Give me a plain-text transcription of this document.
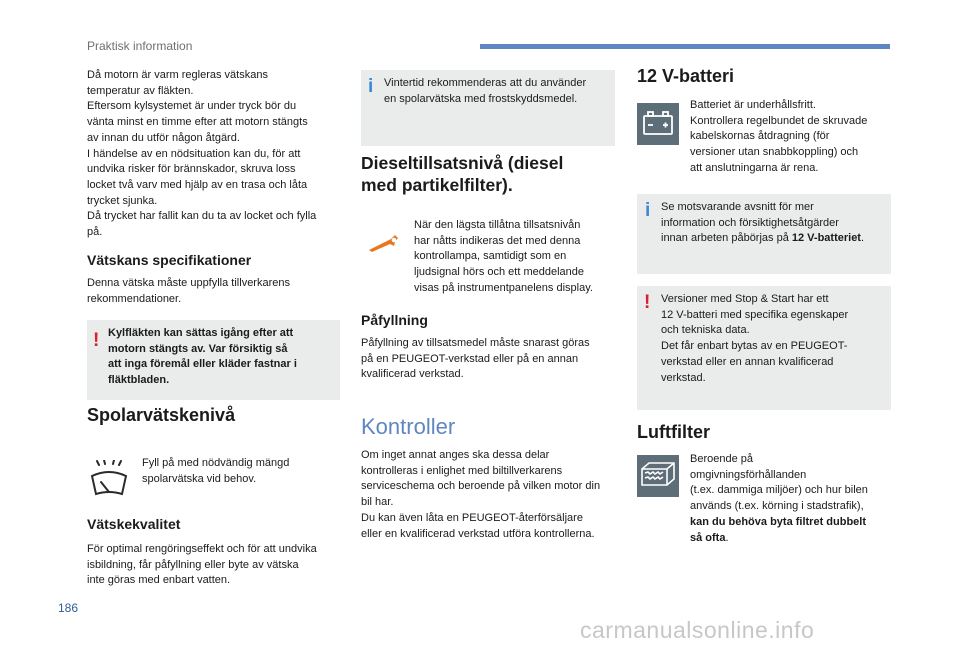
Praktisk information

Då motorn är varm regleras vätskans
temperatur av fläkten.
Eftersom kylsystemet är under tryck bör du
vänta minst en timme efter att motorn stängts
av innan du utför någon åtgärd.
I händelse av en nödsituation kan du, för att
undvika risker för brännskador, skruva loss
locket två varv med hjälp av en trasa och låta
trycket sjunka.
Då trycket har fallit kan du ta av locket och fylla
på.

Vätskans specifikationer

Denna vätska måste uppfylla tillverkarens
rekommendationer.

! Kylfläkten kan sättas igång efter att
motorn stängts av. Var försiktig så
att inga föremål eller kläder fastnar i
fläktbladen.
Spolarvätskenivå

Fyll på med nödvändig mängd
spolarvätska vid behov.

Vätskekvalitet

För optimal rengöringseffekt och för att undvika
isbildning, får påfyllning eller byte av vätska
inte göras med enbart vatten.

i Vintertid rekommenderas att du använder
en spolarvätska med frostskyddsmedel.
Dieseltillsatsnivå (diesel
med partikelfilter).

När den lägsta tillåtna tillsatsnivån
har nåtts indikeras det med denna
kontrollampa, samtidigt som en
ljudsignal hörs och ett meddelande
visas på instrumentpanelens display.

Påfyllning

Påfyllning av tillsatsmedel måste snarast göras
på en PEUGEOT-verkstad eller på en annan
kvalificerad verkstad.

Kontroller

Om inget annat anges ska dessa delar
kontrolleras i enlighet med biltillverkarens
serviceschema och beroende på vilken motor din
bil har.
Du kan även låta en PEUGEOT-återförsäljare
eller en kvalificerad verkstad utföra kontrollerna.

12 V-batteri

Batteriet är underhållsfritt.
Kontrollera regelbundet de skruvade
kabelskornas åtdragning (för
versioner utan snabbkoppling) och
att anslutningarna är rena.

i Se motsvarande avsnitt för mer
information och försiktighetsåtgärder
innan arbeten påbörjas på 12 V-batteriet.
! Versioner med Stop & Start har ett
12 V-batteri med specifika egenskaper
och tekniska data.
Det får enbart bytas av en PEUGEOT-
verkstad eller en annan kvalificerad
verkstad.
Luftfilter

Beroende på
omgivningsförhållanden
(t.ex. dammiga miljöer) och hur bilen
används (t.ex. körning i stadstrafik),
kan du behöva byta filtret dubbelt
så ofta.

186
carmanualsonline.info
